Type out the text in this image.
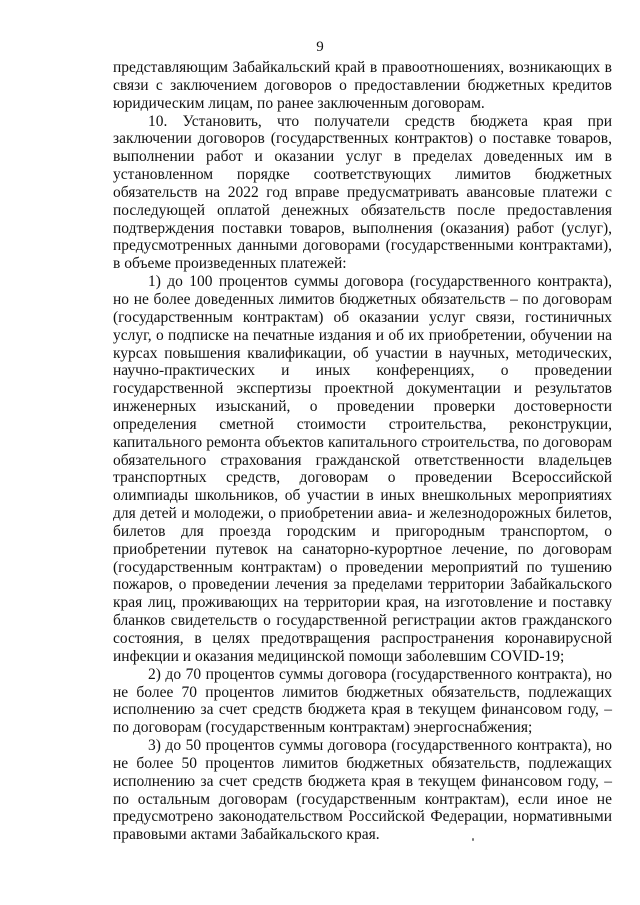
9

представляющим Забайкальский край в правоотношениях, возникающих в связи с заключением договоров о предоставлении бюджетных кредитов юридическим лицам, по ранее заключенным договорам.

10. Установить, что получатели средств бюджета края при заключении договоров (государственных контрактов) о поставке товаров, выполнении работ и оказании услуг в пределах доведенных им в установленном порядке соответствующих лимитов бюджетных обязательств на 2022 год вправе предусматривать авансовые платежи с последующей оплатой денежных обязательств после предоставления подтверждения поставки товаров, выполнения (оказания) работ (услуг), предусмотренных данными договорами (государственными контрактами), в объеме произведенных платежей:

1) до 100 процентов суммы договора (государственного контракта), но не более доведенных лимитов бюджетных обязательств – по договорам (государственным контрактам) об оказании услуг связи, гостиничных услуг, о подписке на печатные издания и об их приобретении, обучении на курсах повышения квалификации, об участии в научных, методических, научно-практических и иных конференциях, о проведении государственной экспертизы проектной документации и результатов инженерных изысканий, о проведении проверки достоверности определения сметной стоимости строительства, реконструкции, капитального ремонта объектов капитального строительства, по договорам обязательного страхования гражданской ответственности владельцев транспортных средств, договорам о проведении Всероссийской олимпиады школьников, об участии в иных внешкольных мероприятиях для детей и молодежи, о приобретении авиа- и железнодорожных билетов, билетов для проезда городским и пригородным транспортом, о приобретении путевок на санаторно-курортное лечение, по договорам (государственным контрактам) о проведении мероприятий по тушению пожаров, о проведении лечения за пределами территории Забайкальского края лиц, проживающих на территории края, на изготовление и поставку бланков свидетельств о государственной регистрации актов гражданского состояния, в целях предотвращения распространения коронавирусной инфекции и оказания медицинской помощи заболевшим COVID-19;

2) до 70 процентов суммы договора (государственного контракта), но не более 70 процентов лимитов бюджетных обязательств, подлежащих исполнению за счет средств бюджета края в текущем финансовом году, – по договорам (государственным контрактам) энергоснабжения;

3) до 50 процентов суммы договора (государственного контракта), но не более 50 процентов лимитов бюджетных обязательств, подлежащих исполнению за счет средств бюджета края в текущем финансовом году, – по остальным договорам (государственным контрактам), если иное не предусмотрено законодательством Российской Федерации, нормативными правовыми актами Забайкальского края.
